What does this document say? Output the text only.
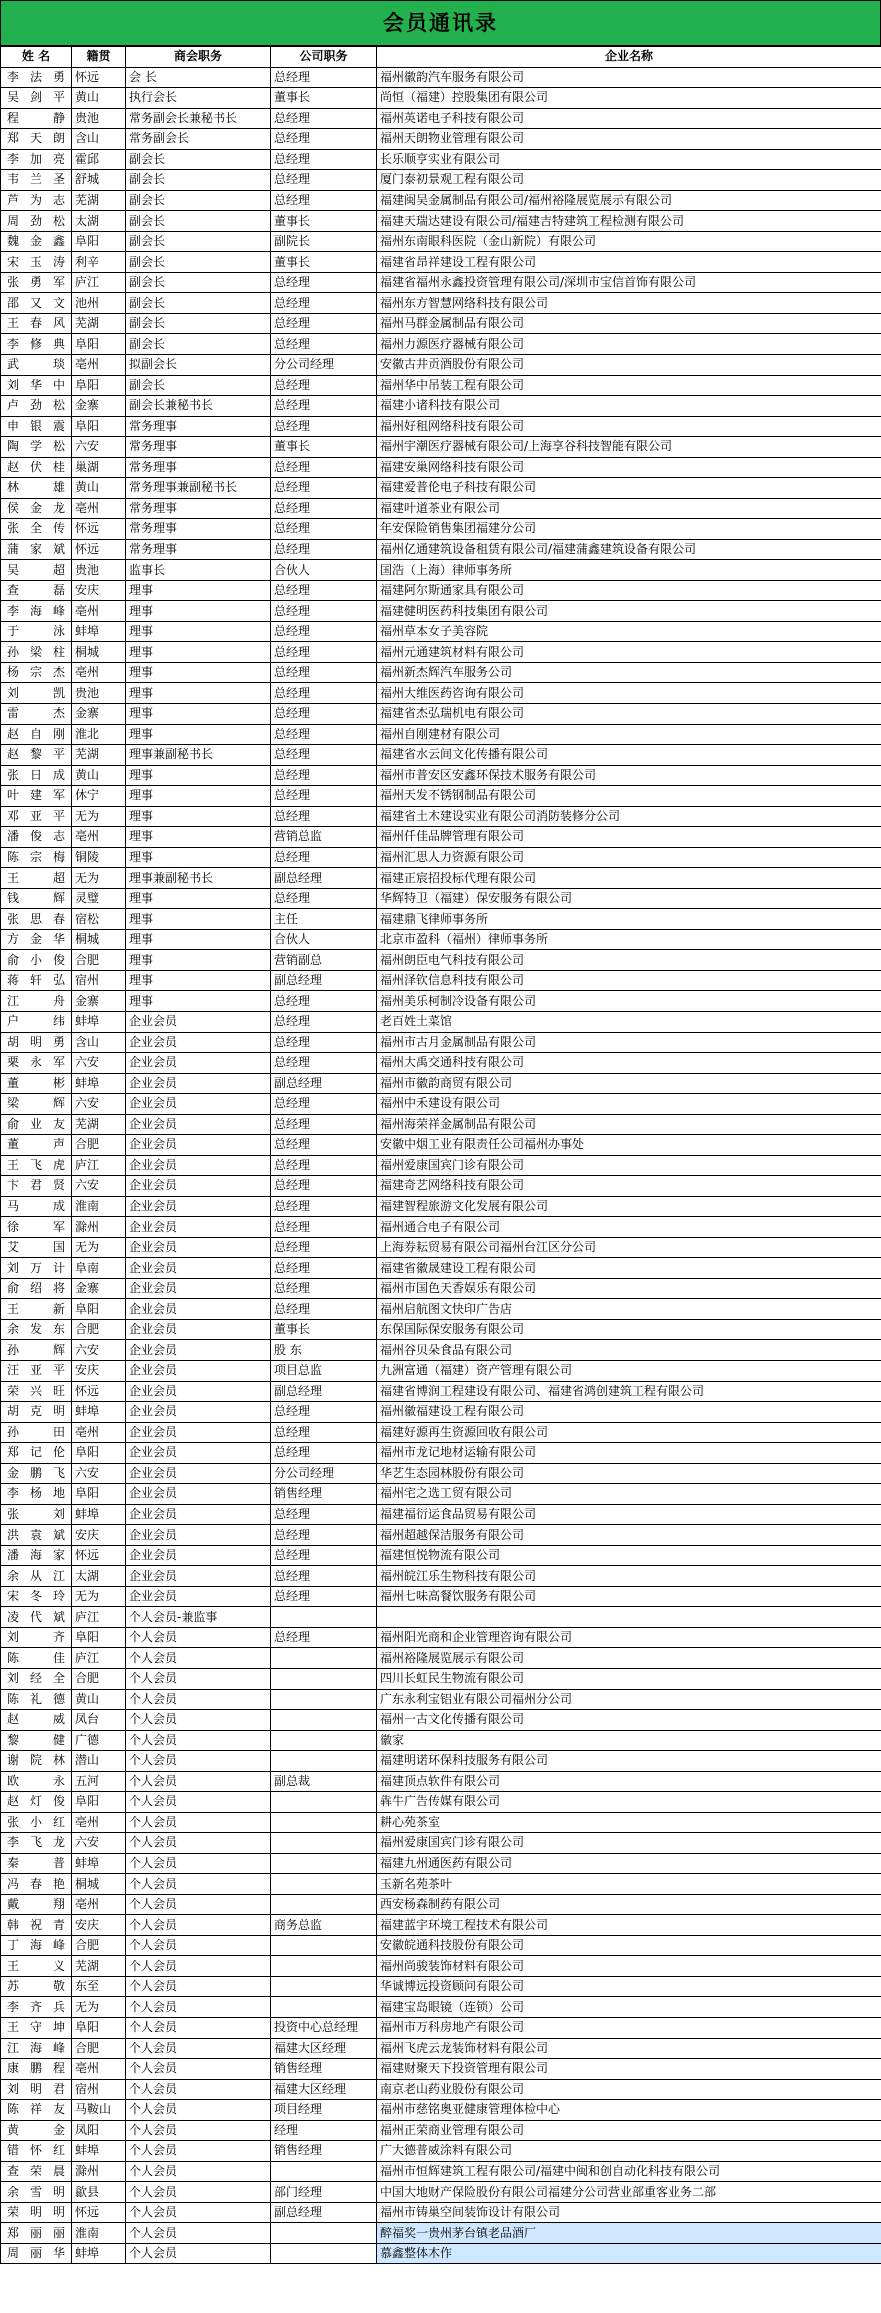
会员通讯录
姓 名	籍贯	商会职务	公司职务	企业名称
李法勇	怀远	会 长	总经理	福州徽韵汽车服务有限公司
吴剑平	黄山	执行会长	董事长	尚恒（福建）控股集团有限公司
程 静	贵池	常务副会长兼秘书长	总经理	福州英诺电子科技有限公司
郑天朗	含山	常务副会长	总经理	福州天朗物业管理有限公司
李加亮	霍邱	副会长	总经理	长乐顺亨实业有限公司
韦兰圣	舒城	副会长	总经理	厦门泰初景观工程有限公司
芦为志	芜湖	副会长	总经理	福建闽吴金属制品有限公司/福州裕隆展览展示有限公司
周劲松	太湖	副会长	董事长	福建天瑞达建设有限公司/福建吉特建筑工程检测有限公司
魏金鑫	阜阳	副会长	副院长	福州东南眼科医院（金山新院）有限公司
宋玉涛	利辛	副会长	董事长	福建省昂祥建设工程有限公司
张勇军	庐江	副会长	总经理	福建省福州永鑫投资管理有限公司/深圳市宝信首饰有限公司
邵又文	池州	副会长	总经理	福州东方智慧网络科技有限公司
王春风	芜湖	副会长	总经理	福州马群金属制品有限公司
李修典	阜阳	副会长	总经理	福州力源医疗器械有限公司
武 琰	亳州	拟副会长	分公司经理	安徽古井贡酒股份有限公司
刘华中	阜阳	副会长	总经理	福州华中吊装工程有限公司
卢劲松	金寨	副会长兼秘书长	总经理	福建小诸科技有限公司
申银震	阜阳	常务理事	总经理	福州好租网络科技有限公司
陶学松	六安	常务理事	董事长	福州宇潮医疗器械有限公司/上海享谷科技智能有限公司
赵伏桂	巢湖	常务理事	总经理	福建安巢网络科技有限公司
林 雄	黄山	常务理事兼副秘书长	总经理	福建爱普伦电子科技有限公司
侯金龙	亳州	常务理事	总经理	福建叶道茶业有限公司
张全传	怀远	常务理事	总经理	年安保险销售集团福建分公司
蒲家斌	怀远	常务理事	总经理	福州亿通建筑设备租赁有限公司/福建蒲鑫建筑设备有限公司
吴 超	贵池	监事长	合伙人	国浩（上海）律师事务所
查 磊	安庆	理事	总经理	福建阿尔斯通家具有限公司
李海峰	亳州	理事	总经理	福建健明医药科技集团有限公司
于 泳	蚌埠	理事	总经理	福州草本女子美容院
孙梁柱	桐城	理事	总经理	福州元通建筑材料有限公司
杨宗杰	亳州	理事	总经理	福州新杰辉汽车服务公司
刘 凯	贵池	理事	总经理	福州大维医药咨询有限公司
雷 杰	金寨	理事	总经理	福建省杰弘瑞机电有限公司
赵自刚	淮北	理事	总经理	福州自刚建材有限公司
赵黎平	芜湖	理事兼副秘书长	总经理	福建省水云间文化传播有限公司
张日成	黄山	理事	总经理	福州市普安区安鑫环保技术服务有限公司
叶建军	休宁	理事	总经理	福州天发不锈钢制品有限公司
邓亚平	无为	理事	总经理	福建省土木建设实业有限公司消防装修分公司
潘俊志	亳州	理事	营销总监	福州仟佳品牌管理有限公司
陈宗梅	铜陵	理事	总经理	福州汇思人力资源有限公司
王 超	无为	理事兼副秘书长	副总经理	福建正宸招投标代理有限公司
钱 辉	灵璧	理事	总经理	华辉特卫（福建）保安服务有限公司
张思春	宿松	理事	主任	福建鼎飞律师事务所
方金华	桐城	理事	合伙人	北京市盈科（福州）律师事务所
俞小俊	合肥	理事	营销副总	福州朗臣电气科技有限公司
蒋轩弘	宿州	理事	副总经理	福州泽钦信息科技有限公司
江 舟	金寨	理事	总经理	福州美乐柯制冷设备有限公司
户 纬	蚌埠	企业会员	总经理	老百姓土菜馆
胡明勇	含山	企业会员	总经理	福州市古月金属制品有限公司
栗永军	六安	企业会员	总经理	福州大禹交通科技有限公司
董 彬	蚌埠	企业会员	副总经理	福州市徽韵商贸有限公司
梁 辉	六安	企业会员	总经理	福州中禾建设有限公司
俞业友	芜湖	企业会员	总经理	福州海荣祥金属制品有限公司
董 声	合肥	企业会员	总经理	安徽中烟工业有限责任公司福州办事处
王飞虎	庐江	企业会员	总经理	福州爱康国宾门诊有限公司
卞君贤	六安	企业会员	总经理	福建奇艺网络科技有限公司
马 成	淮南	企业会员	总经理	福建智程旅游文化发展有限公司
徐 军	滁州	企业会员	总经理	福州通合电子有限公司
艾 国	无为	企业会员	总经理	上海券耘贸易有限公司福州台江区分公司
刘万计	阜南	企业会员	总经理	福建省徽晟建设工程有限公司
俞绍将	金寨	企业会员	总经理	福州市国色天香娱乐有限公司
王 新	阜阳	企业会员	总经理	福州启航图文快印广告店
余发东	合肥	企业会员	董事长	东保国际保安服务有限公司
孙 辉	六安	企业会员	股 东	福州谷贝朵食品有限公司
汪亚平	安庆	企业会员	项目总监	九洲富通（福建）资产管理有限公司
荣兴旺	怀远	企业会员	副总经理	福建省博润工程建设有限公司、福建省鸿创建筑工程有限公司
胡克明	蚌埠	企业会员	总经理	福州徽福建设工程有限公司
孙 田	亳州	企业会员	总经理	福建好源再生资源回收有限公司
郑记伦	阜阳	企业会员	总经理	福州市龙记地材运输有限公司
金鹏飞	六安	企业会员	分公司经理	华艺生态园林股份有限公司
李杨地	阜阳	企业会员	销售经理	福州宅之选工贸有限公司
张 刘	蚌埠	企业会员	总经理	福建福衍运食品贸易有限公司
洪袁斌	安庆	企业会员	总经理	福州超越保洁服务有限公司
潘海家	怀远	企业会员	总经理	福建恒悦物流有限公司
余从江	太湖	企业会员	总经理	福州皖江乐生物科技有限公司
宋冬玲	无为	企业会员	总经理	福州七味高餐饮服务有限公司
凌代斌	庐江	个人会员-兼监事		
刘 齐	阜阳	个人会员	总经理	福州阳光商和企业管理咨询有限公司
陈 佳	庐江	个人会员		福州裕隆展览展示有限公司
刘经全	合肥	个人会员		四川长虹民生物流有限公司
陈礼德	黄山	个人会员		广东永利宝铝业有限公司福州分公司
赵 威	凤台	个人会员		福州一古文化传播有限公司
黎 健	广德	个人会员		徽家
谢院林	潜山	个人会员		福建明诺环保科技服务有限公司
欧 永	五河	个人会员	副总裁	福建顶点软件有限公司
赵灯俊	阜阳	个人会员		犇牛广告传媒有限公司
张小红	亳州	个人会员		耕心苑茶室
李飞龙	六安	个人会员		福州爱康国宾门诊有限公司
秦 普	蚌埠	个人会员		福建九州通医药有限公司
冯春艳	桐城	个人会员		玉新名苑茶叶
戴 翔	亳州	个人会员		西安杨森制药有限公司
韩祝青	安庆	个人会员	商务总监	福建蓝宇环境工程技术有限公司
丁海峰	合肥	个人会员		安徽皖通科技股份有限公司
王 义	芜湖	个人会员		福州尚骏装饰材料有限公司
苏 敬	东至	个人会员		华诚博远投资顾问有限公司
李齐兵	无为	个人会员		福建宝岛眼镜（连锁）公司
王守坤	阜阳	个人会员	投资中心总经理	福州市万科房地产有限公司
江海峰	合肥	个人会员	福建大区经理	福州飞虎云龙装饰材料有限公司
康鹏程	亳州	个人会员	销售经理	福建财聚天下投资管理有限公司
刘明君	宿州	个人会员	福建大区经理	南京老山药业股份有限公司
陈祥友	马鞍山	个人会员	项目经理	福州市慈铭奥亚健康管理体检中心
黄 金	凤阳	个人会员	经理	福州正荣商业管理有限公司
错怀红	蚌埠	个人会员	销售经理	广大德普威涂料有限公司
查荣晨	滁州	个人会员		福州市恒辉建筑工程有限公司/福建中闽和创自动化科技有限公司
余雪明	歙县	个人会员	部门经理	中国大地财产保险股份有限公司福建分公司营业部重客业务二部
荣明明	怀远	个人会员	副总经理	福州市铸巢空间装饰设计有限公司
郑丽丽	淮南	个人会员		醉福奖一贵州茅台镇老品酒厂
周丽华	蚌埠	个人会员		慕鑫整体木作
